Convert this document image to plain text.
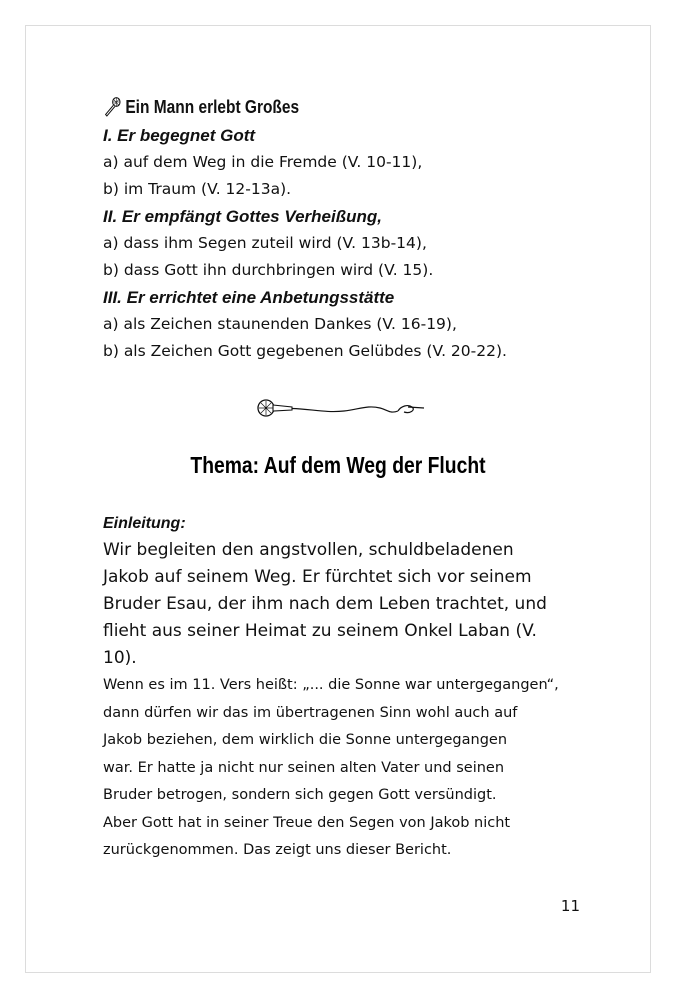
Ein Mann erlebt Großes
I. Er begegnet Gott
a) auf dem Weg in die Fremde (V. 10-11),
b) im Traum (V. 12-13a).
II. Er empfängt Gottes Verheißung,
a) dass ihm Segen zuteil wird (V. 13b-14),
b) dass Gott ihn durchbringen wird (V. 15).
III. Er errichtet eine Anbetungsstätte
a) als Zeichen staunenden Dankes (V. 16-19),
b) als Zeichen Gott gegebenen Gelübdes (V. 20-22).
Thema: Auf dem Weg der Flucht
Einleitung:
Wir begleiten den angstvollen, schuldbeladenen
Jakob auf seinem Weg. Er fürchtet sich vor seinem
Bruder Esau, der ihm nach dem Leben trachtet, und
flieht aus seiner Heimat zu seinem Onkel Laban (V.
10).
Wenn es im 11. Vers heißt: „... die Sonne war untergegangen“,
dann dürfen wir das im übertragenen Sinn wohl auch auf
Jakob beziehen, dem wirklich die Sonne untergegangen
war. Er hatte ja nicht nur seinen alten Vater und seinen
Bruder betrogen, sondern sich gegen Gott versündigt.
Aber Gott hat in seiner Treue den Segen von Jakob nicht
zurückgenommen. Das zeigt uns dieser Bericht.
11
